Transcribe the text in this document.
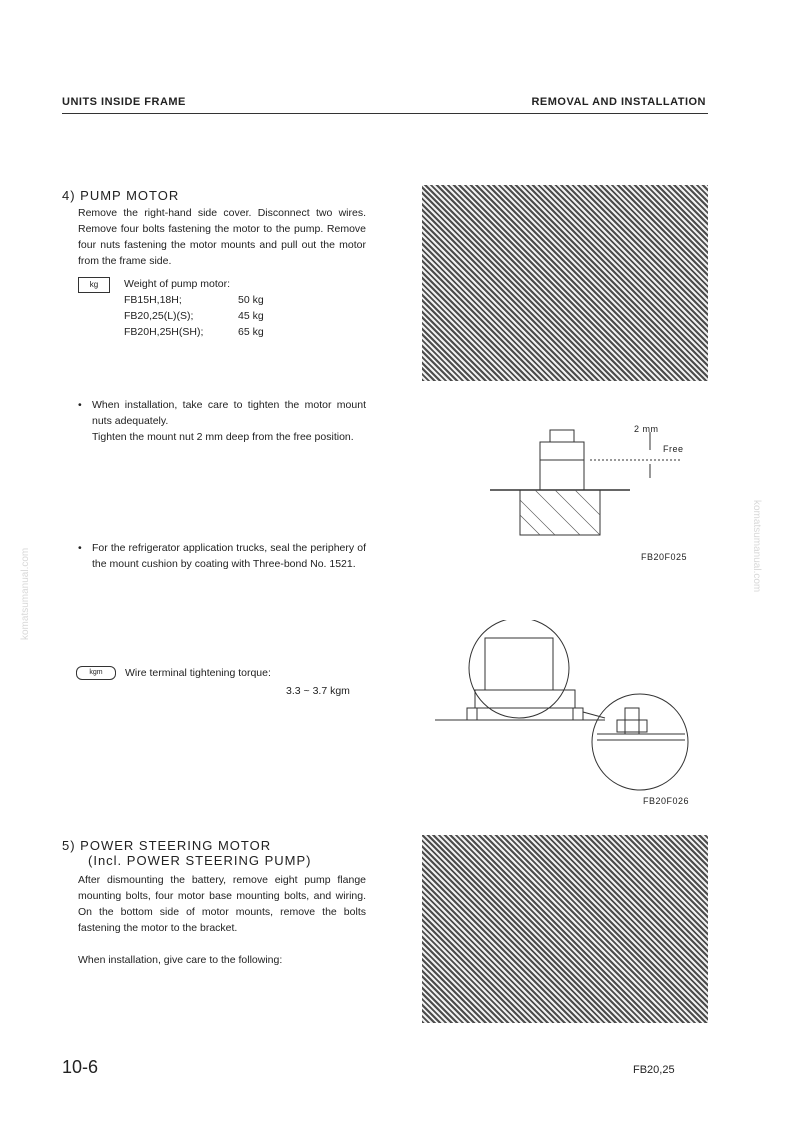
UNITS INSIDE FRAME	REMOVAL AND INSTALLATION
komatsumanual.com
komatsumanual.com
4) PUMP MOTOR
Remove the right-hand side cover. Disconnect two wires. Remove four bolts fastening the motor to the pump. Remove four nuts fastening the motor mounts and pull out the motor from the frame side.
kg	Weight of pump motor:
FB15H,18H;	50 kg
FB20,25(L)(S);	45 kg
FB20H,25H(SH);	65 kg
• When installation, take care to tighten the motor mount nuts adequately.
Tighten the mount nut 2 mm deep from the free position.
• For the refrigerator application trucks, seal the periphery of the mount cushion by coating with Three-bond No. 1521.
kgm	Wire terminal tightening torque:
3.3 ~ 3.7 kgm
2 mm
Free
FB20F025
FB20F026
5) POWER STEERING MOTOR
(Incl. POWER STEERING PUMP)
After dismounting the battery, remove eight pump flange mounting bolts, four motor base mounting bolts, and wiring. On the bottom side of motor mounts, remove the bolts fastening the motor to the bracket.
When installation, give care to the following:
10-6	FB20,25
